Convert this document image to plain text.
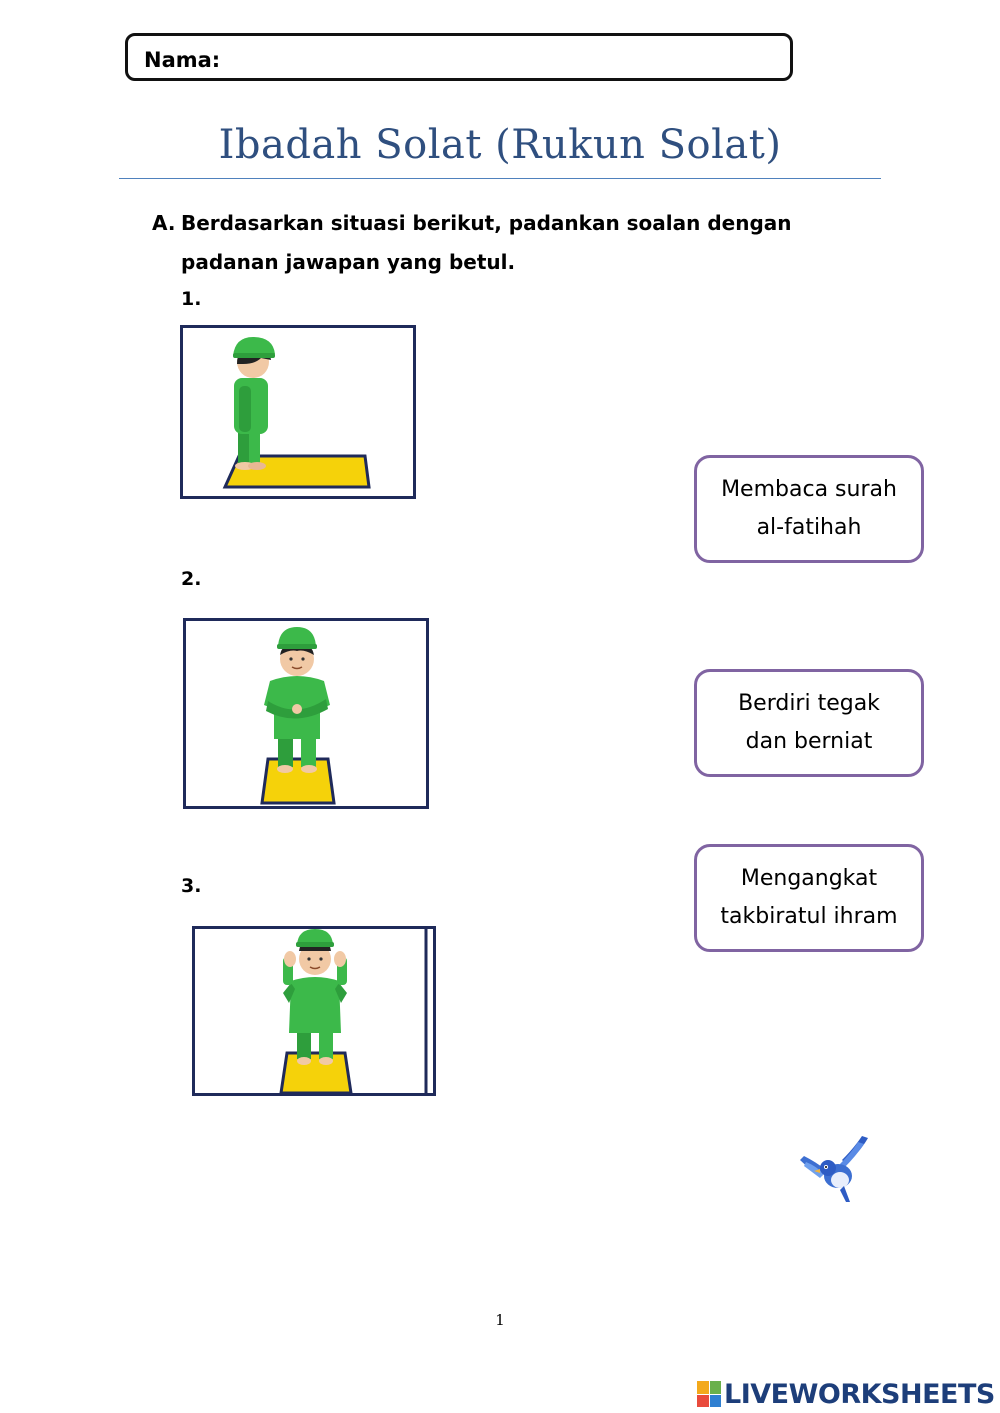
Nama:
Ibadah Solat (Rukun Solat)
A. Berdasarkan situasi berikut, padankan soalan dengan
padanan jawapan yang betul.
1.
2.
3.
Membaca surah
al-fatihah
Berdiri tegak
dan berniat
Mengangkat
takbiratul ihram
1
LIVEWORKSHEETS
